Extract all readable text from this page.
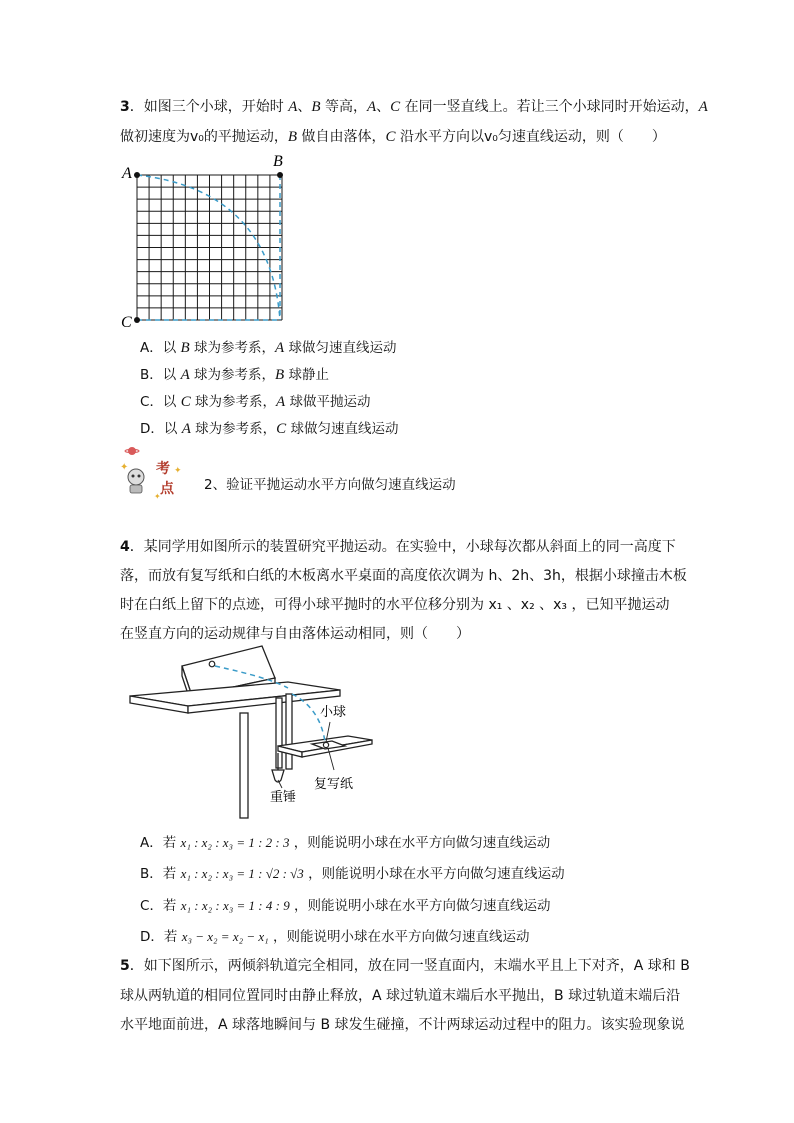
3．如图三个小球，开始时 A、B 等高，A、C 在同一竖直线上。若让三个小球同时开始运动，A
做初速度为v₀的平抛运动，B 做自由落体，C 沿水平方向以v₀匀速直线运动，则（　　）
A
B
C
A．以 B 球为参考系，A 球做匀速直线运动
B．以 A 球为参考系，B 球静止
C．以 C 球为参考系，A 球做平抛运动
D．以 A 球为参考系，C 球做匀速直线运动
✦	✦
✦
考
点 2、验证平抛运动水平方向做匀速直线运动
4．某同学用如图所示的装置研究平抛运动。在实验中，小球每次都从斜面上的同一高度下
落，而放有复写纸和白纸的木板离水平桌面的高度依次调为 h、2h、3h，根据小球撞击木板
时在白纸上留下的点迹，可得小球平抛时的水平位移分别为 x₁ 、x₂ 、x₃ ，已知平抛运动
在竖直方向的运动规律与自由落体运动相同，则（　　）
小球
复写纸
重锤
A．若 x₁ : x₂ : x₃ = 1 : 2 : 3 ，则能说明小球在水平方向做匀速直线运动
B．若 x₁ : x₂ : x₃ = 1 : √2 : √3 ，则能说明小球在水平方向做匀速直线运动
C．若 x₁ : x₂ : x₃ = 1 : 4 : 9 ，则能说明小球在水平方向做匀速直线运动
D．若 x₃ − x₂ = x₂ − x₁ ，则能说明小球在水平方向做匀速直线运动
5．如下图所示，两倾斜轨道完全相同，放在同一竖直面内，末端水平且上下对齐，A 球和 B
球从两轨道的相同位置同时由静止释放，A 球过轨道末端后水平抛出，B 球过轨道末端后沿
水平地面前进，A 球落地瞬间与 B 球发生碰撞，不计两球运动过程中的阻力。该实验现象说
